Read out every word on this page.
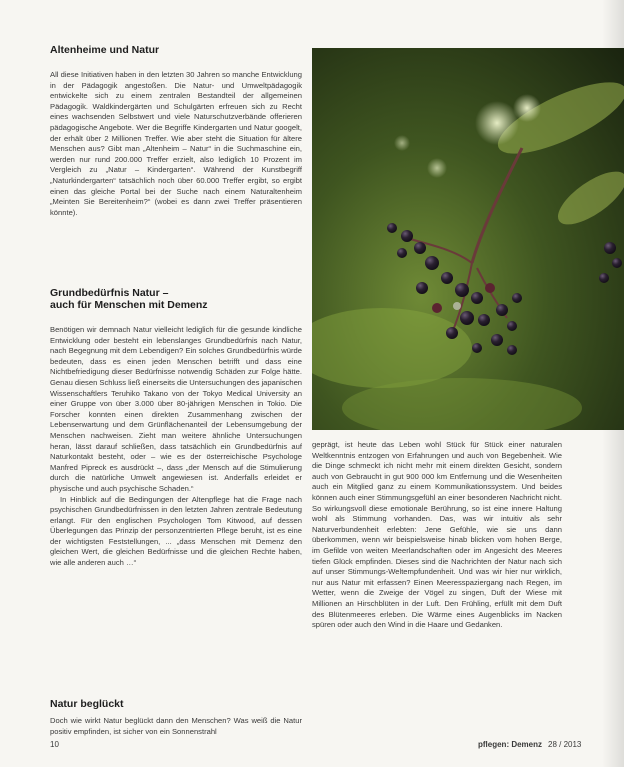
Altenheime und Natur

All diese Initiativen haben in den letzten 30 Jahren so manche Entwicklung in der Pädagogik angestoßen. Die Natur- und Umweltpädagogik entwickelte sich zu einem zentralen Bestandteil der allgemeinen Pädagogik. Waldkindergärten und Schulgärten erfreuen sich zu Recht eines wachsenden Selbstwert und viele Naturschutzverbände offerieren pädagogische Angebote. Wer die Begriffe Kindergarten und Natur googelt, der erhält über 2 Millionen Treffer. Wie aber steht die Situation für ältere Menschen aus? Gibt man „Altenheim – Natur“ in die Suchmaschine ein, werden nur rund 200.000 Treffer erzielt, also lediglich 10 Prozent im Vergleich zu „Natur – Kindergarten“. Während der Kunstbegriff „Naturkindergarten“ tatsächlich noch über 60.000 Treffer ergibt, so ergibt einen das gleiche Portal bei der Suche nach einem Naturaltenheim „Meinten Sie Bereitenheim?“ (wobei es dann zwei Treffer präsentieren könnte).

Grundbedürfnis Natur –
auch für Menschen mit Demenz

Benötigen wir demnach Natur vielleicht lediglich für die gesunde kindliche Entwicklung oder besteht ein lebenslanges Grundbedürfnis nach Natur, nach Begegnung mit dem Lebendigen? Ein solches Grundbedürfnis würde bedeuten, dass es einen jeden Menschen betrifft und dass eine Nichtbefriedigung dieser Bedürfnisse notwendig Schäden zur Folge hätte. Genau diesen Schluss ließ einerseits die Untersuchungen des japanischen Wissenschaftlers Teruhiko Takano von der Tokyo Medical University an einer Gruppe von über 3.000 über 80-jährigen Menschen in Tokio. Die Forscher konnten einen direkten Zusammenhang zwischen der Lebenserwartung und dem Grünflächenanteil der Lebensumgebung der Menschen nachweisen. Zieht man weitere ähnliche Untersuchungen heran, lässt darauf schließen, dass tatsächlich ein Grundbedürfnis auf Naturkontakt besteht, oder – wie es der österreichische Psychologe Manfred Pipreck es ausdrückt –, dass „der Mensch auf die Stimulierung durch die natürliche Umwelt angewiesen ist. Anderfalls erleidet er physische und auch psychische Schaden.“

In Hinblick auf die Bedingungen der Altenpflege hat die Frage nach psychischen Grundbedürfnissen in den letzten Jahren zentrale Bedeutung erlangt. Für den englischen Psychologen Tom Kitwood, auf dessen Überlegungen das Prinzip der personzentrierten Pflege beruht, ist es eine der wichtigsten Feststellungen, ... „dass Menschen mit Demenz den gleichen Wert, die gleichen Bedürfnisse und die gleichen Rechte haben, wie alle anderen auch …“

Natur beglückt

Doch wie wirkt Natur beglückt dann den Menschen? Was weiß die Natur positiv empfinden, ist sicher von ein Sonnenstrahl

geprägt, ist heute das Leben wohl Stück für Stück einer naturalen Weltkenntnis entzogen von Erfahrungen und auch von Begebenheit. Wie die Dinge schmeckt ich nicht mehr mit einem direkten Gesicht, sondern auch von Gebraucht in gut 900 000 km Entfernung und die Wesenheiten auch ein Mitglied ganz zu einem Kommunikationssystem. Und beides können auch einer Stimmungsgefühl an einer besonderen Nachricht nicht. So wirkungsvoll diese emotionale Berührung, so ist eine innere Haltung wohl als Stimmung vorhanden. Das, was wir intuitiv als sehr Naturverbundenheit erlebten: Jene Gefühle, wie sie uns dann überkommen, wenn wir beispielsweise hinab blicken vom hohen Berge, im Gefilde von weiten Meerlandschaften oder im Angesicht des Meeres tiefen Glück empfinden. Dieses sind die Nachrichten der Natur nach sich auf unser Stimmungs-Weltempfundenheit. Und was wir hier nur wirklich, nur aus Natur mit erfassen? Einen Meeresspaziergang nach Regen, im Wetter, wenn die Zweige der Vögel zu singen, Duft der Wiese mit Millionen an Hirschblüten in der Luft. Den Frühling, erfüllt mit dem Duft des Blütenmeeres erleben. Die Wärme eines Augenblicks im Nacken spüren oder auch den Wind in die Haare und Gedanken.

10	pflegen: Demenz 28 / 2013
